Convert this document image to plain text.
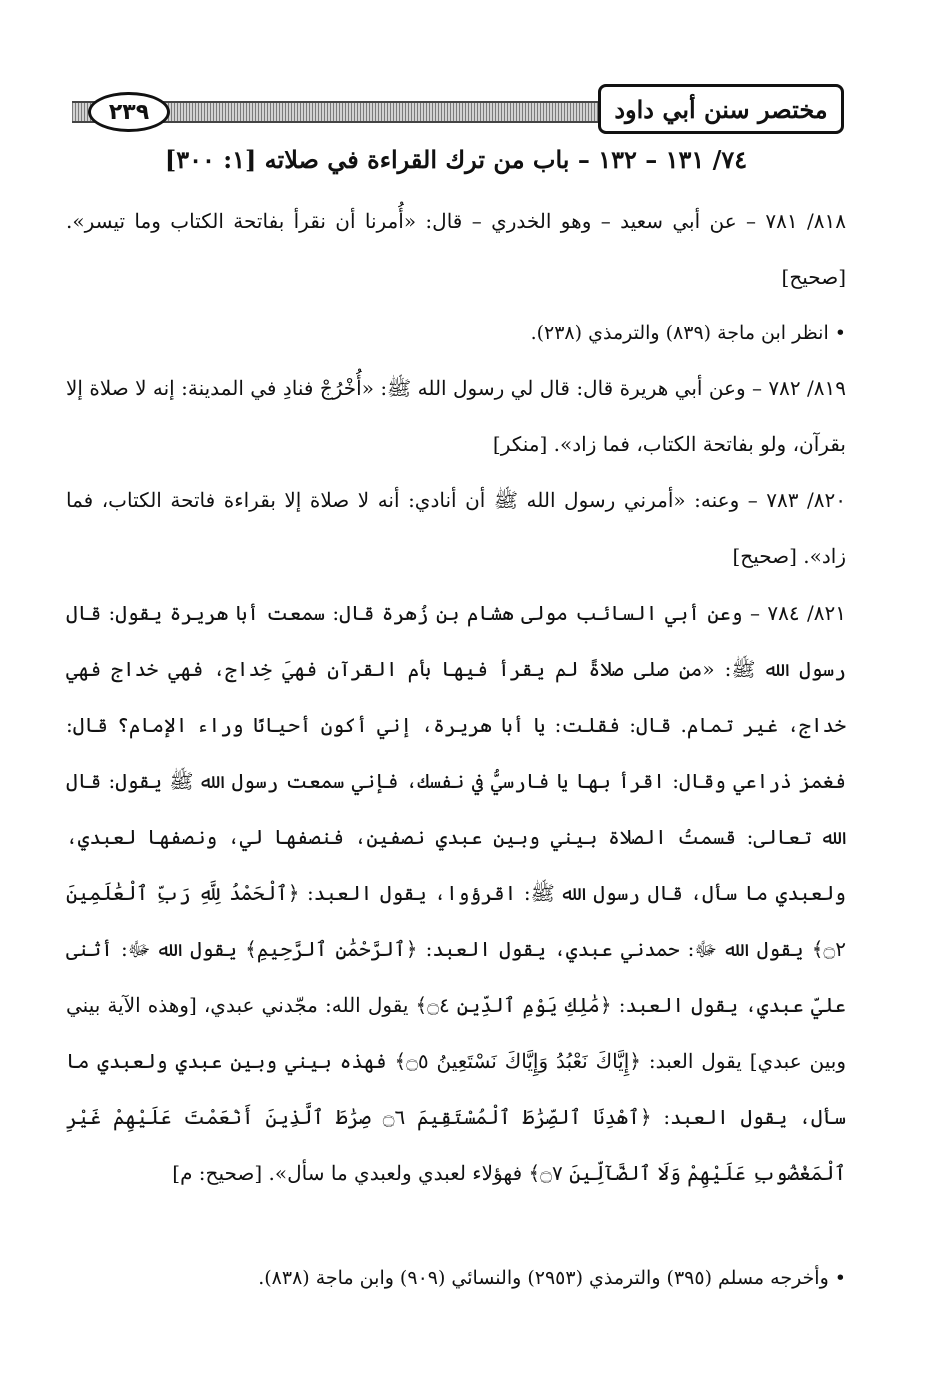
٢٣٩	مختصر سنن أبي داود

٧٤/ ١٣١ – ١٣٢ – باب من ترك القراءة في صلاته [١: ٣٠٠]

٨١٨/ ٧٨١ – عن أبي سعيد – وهو الخدري – قال: «أُمرنا أن نقرأ بفاتحة الكتاب وما تيسر». [صحيح]

• انظر ابن ماجة (٨٣٩) والترمذي (٢٣٨).

٨١٩/ ٧٨٢ – وعن أبي هريرة قال: قال لي رسول الله ﷺ: «أُخْرُجْ فنادِ في المدينة: إنه لا صلاة إلا بقرآن، ولو بفاتحة الكتاب، فما زاد». [منكر]

٨٢٠/ ٧٨٣ – وعنه: «أمرني رسول الله ﷺ أن أنادي: أنه لا صلاة إلا بقراءة فاتحة الكتاب، فما زاد». [صحيح]

٨٢١/ ٧٨٤ – وعن أبي السائب مولى هشام بن زُهرة قال: سمعت أبا هريرة يقول: قال رسول الله ﷺ: «من صلى صلاةً لم يقرأ فيها بأم القرآن فهيَ خِداج، فهي خداج فهي خداج، غير تمام. قال: فقلت: يا أبا هريرة، إني أكون أحيانًا وراء الإمام؟ قال: فغمز ذراعي وقال: اقرأ بها يا فارسيُّ في نفسك، فإني سمعت رسول الله ﷺ يقول: قال الله تعالى: قسمتُ الصلاة بيني وبين عبدي نصفين، فنصفها لي، ونصفها لعبدي، ولعبدي ما سأل، قال رسول الله ﷺ: اقرؤوا، يقول العبد: ﴿ٱلْحَمْدُ لِلَّهِ رَبِّ ٱلْعَٰلَمِينَ ۝٢﴾ يقول الله ﷻ: حمدني عبدي، يقول العبد: ﴿ٱلرَّحْمَٰنِ ٱلرَّحِيمِ﴾ يقول الله ﷻ: أثنى عليّ عبدي، يقول العبد: ﴿مَٰلِكِ يَوْمِ ٱلدِّينِ ۝٤﴾ يقول الله: مجّدني عبدي، [وهذه الآية بيني وبين عبدي] يقول العبد: ﴿إِيَّاكَ نَعْبُدُ وَإِيَّاكَ نَسْتَعِينُ ۝٥﴾ فهذه بيني وبين عبدي ولعبدي ما سأل، يقول العبد: ﴿ٱهْدِنَا ٱلصِّرَٰطَ ٱلْمُسْتَقِيمَ ۝٦ صِرَٰطَ ٱلَّذِينَ أَنْعَمْتَ عَلَيْهِمْ غَيْرِ ٱلْمَغْضُوبِ عَلَيْهِمْ وَلَا ٱلضَّآلِّينَ ۝٧﴾ فهؤلاء لعبدي ولعبدي ما سأل». [صحيح: م]

• وأخرجه مسلم (٣٩٥) والترمذي (٢٩٥٣) والنسائي (٩٠٩) وابن ماجة (٨٣٨).
